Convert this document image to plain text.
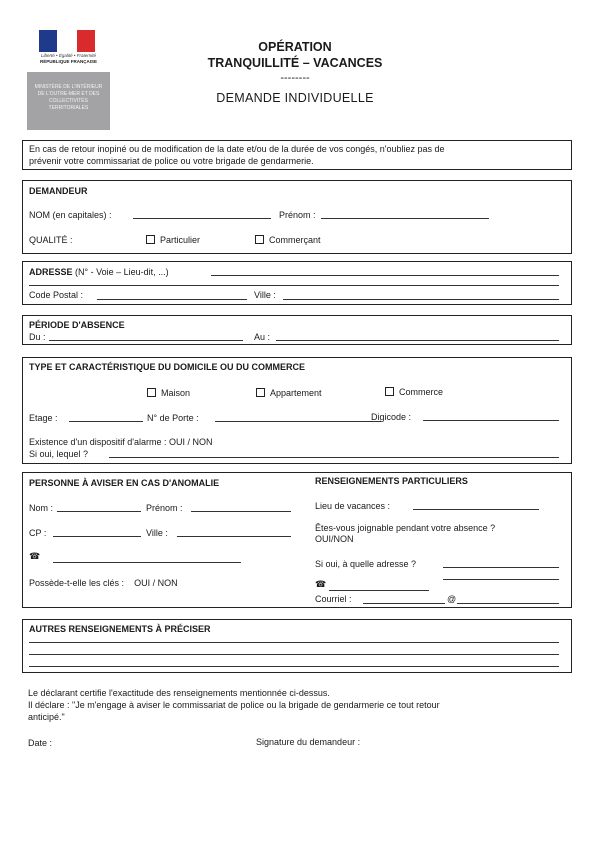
Liberté • Égalité • Fraternité
RÉPUBLIQUE FRANÇAISE
MINISTÈRE DE L'INTÉRIEUR DE L'OUTRE-MER ET DES COLLECTIVITÉS TERRITORIALES
OPÉRATION
TRANQUILLITÉ – VACANCES
--------
DEMANDE INDIVIDUELLE
En cas de retour inopiné ou de modification de la date et/ou de la durée de vos congés, n'oubliez pas de
prévenir votre commissariat de police ou votre brigade de gendarmerie.
DEMANDEUR
NOM (en capitales) :	Prénom :
QUALITÉ :	Particulier	Commerçant
ADRESSE (N° - Voie – Lieu-dit, ...)
Code Postal :	Ville :
PÉRIODE D'ABSENCE
Du :	Au :
TYPE ET CARACTÉRISTIQUE DU DOMICILE OU DU COMMERCE
Maison	Appartement	Commerce
Etage :	N° de Porte :	Digicode :
Existence d'un dispositif d'alarme : OUI / NON
Si oui, lequel ?
PERSONNE À AVISER EN CAS D'ANOMALIE
Nom :	Prénom :
CP :	Ville :
☎
Possède-t-elle les clés : OUI / NON
RENSEIGNEMENTS PARTICULIERS
Lieu de vacances :
Êtes-vous joignable pendant votre absence ?
OUI/NON
Si oui, à quelle adresse ?
☎
Courriel :	@
AUTRES RENSEIGNEMENTS À PRÉCISER
Le déclarant certifie l'exactitude des renseignements mentionnée ci-dessus.
Il déclare : "Je m'engage à aviser le commissariat de police ou la brigade de gendarmerie ce tout retour
anticipé."
Date :	Signature du demandeur :
